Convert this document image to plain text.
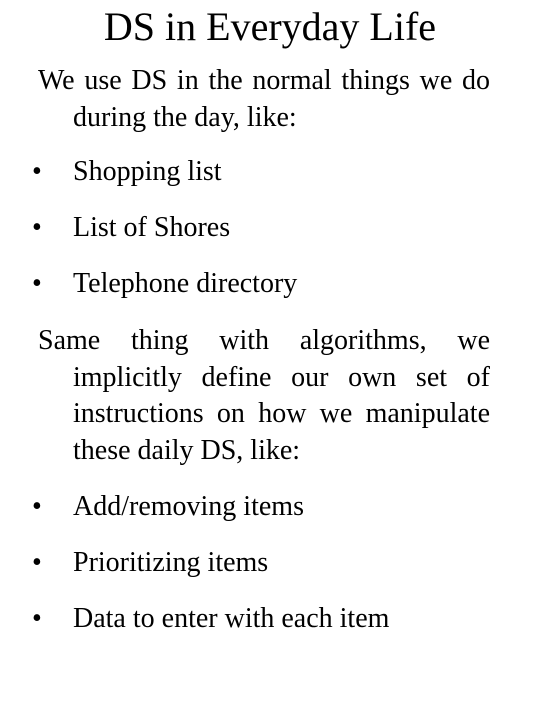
DS in Everyday Life
We use DS in the normal things we do during the day, like:
•	Shopping list
•	List of Shores
•	Telephone directory
Same thing with algorithms, we implicitly define our own set of instructions on how we manipulate these daily DS, like:
•	Add/removing items
•	Prioritizing items
•	Data to enter with each item
